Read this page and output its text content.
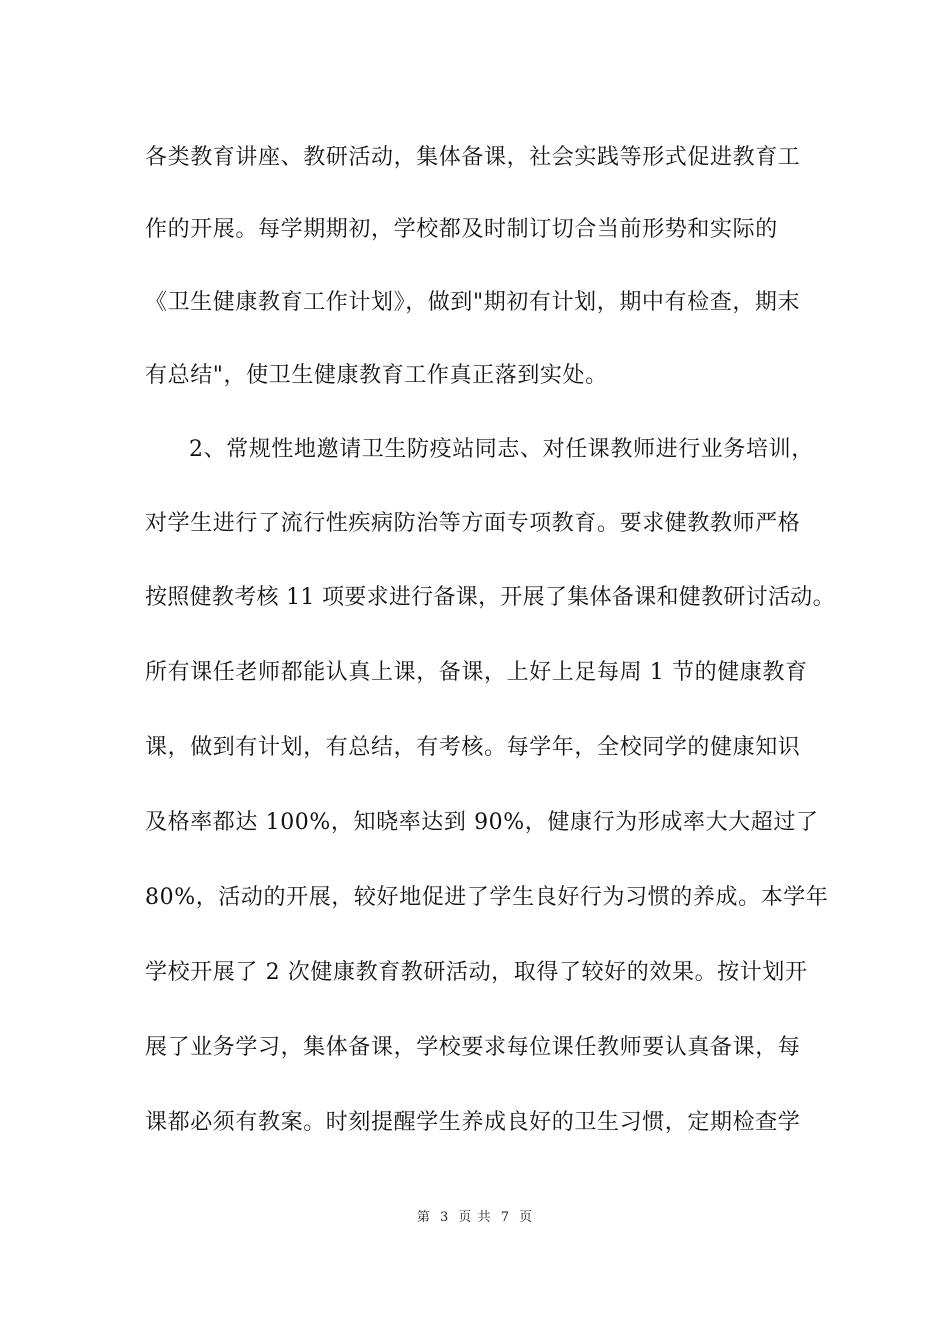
各类教育讲座、教研活动，集体备课，社会实践等形式促进教育工
作的开展。每学期期初，学校都及时制订切合当前形势和实际的
《卫生健康教育工作计划》，做到"期初有计划，期中有检查，期末
有总结"，使卫生健康教育工作真正落到实处。
2、常规性地邀请卫生防疫站同志、对任课教师进行业务培训，
对学生进行了流行性疾病防治等方面专项教育。要求健教教师严格
按照健教考核 11 项要求进行备课，开展了集体备课和健教研讨活动。
所有课任老师都能认真上课，备课，上好上足每周 1 节的健康教育
课，做到有计划，有总结，有考核。每学年，全校同学的健康知识
及格率都达 100%，知晓率达到 90%，健康行为形成率大大超过了
80%，活动的开展，较好地促进了学生良好行为习惯的养成。本学年
学校开展了 2 次健康教育教研活动，取得了较好的效果。按计划开
展了业务学习，集体备课，学校要求每位课任教师要认真备课，每
课都必须有教案。时刻提醒学生养成良好的卫生习惯，定期检查学
第 3 页 共 7 页
